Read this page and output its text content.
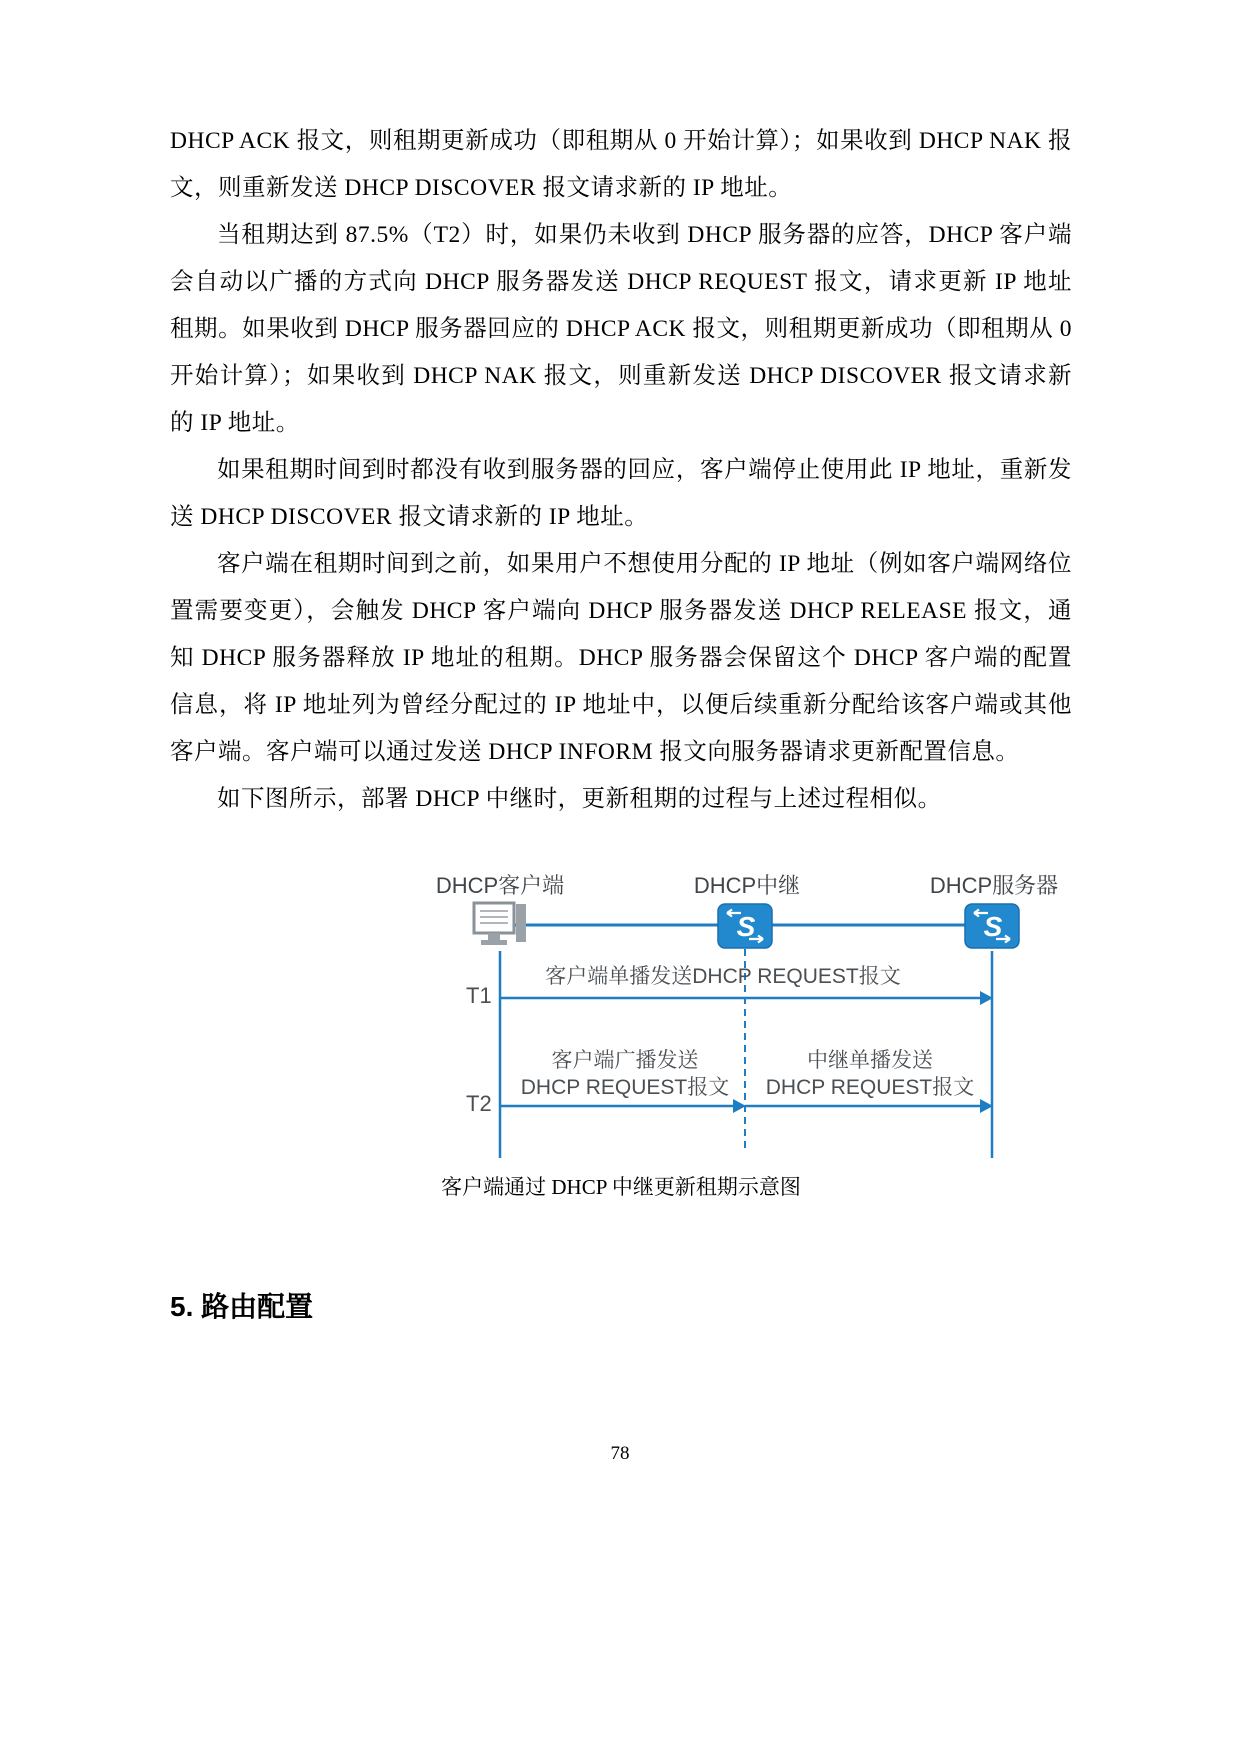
DHCP ACK 报文，则租期更新成功（即租期从 0 开始计算）；如果收到 DHCP NAK 报文，则重新发送 DHCP DISCOVER 报文请求新的 IP 地址。

当租期达到 87.5%（T2）时，如果仍未收到 DHCP 服务器的应答，DHCP 客户端会自动以广播的方式向 DHCP 服务器发送 DHCP REQUEST 报文，请求更新 IP 地址租期。如果收到 DHCP 服务器回应的 DHCP ACK 报文，则租期更新成功（即租期从 0 开始计算）；如果收到 DHCP NAK 报文，则重新发送 DHCP DISCOVER 报文请求新的 IP 地址。

如果租期时间到时都没有收到服务器的回应，客户端停止使用此 IP 地址，重新发送 DHCP DISCOVER 报文请求新的 IP 地址。

客户端在租期时间到之前，如果用户不想使用分配的 IP 地址（例如客户端网络位置需要变更），会触发 DHCP 客户端向 DHCP 服务器发送 DHCP RELEASE 报文，通知 DHCP 服务器释放 IP 地址的租期。DHCP 服务器会保留这个 DHCP 客户端的配置信息，将 IP 地址列为曾经分配过的 IP 地址中，以便后续重新分配给该客户端或其他客户端。客户端可以通过发送 DHCP INFORM 报文向服务器请求更新配置信息。

如下图所示，部署 DHCP 中继时，更新租期的过程与上述过程相似。

DHCP客户端	DHCP中继	DHCP服务器
S	S
T1
T2
客户端单播发送DHCP REQUEST报文
客户端广播发送
DHCP REQUEST报文
中继单播发送
DHCP REQUEST报文
客户端通过 DHCP 中继更新租期示意图
5. 路由配置
78
